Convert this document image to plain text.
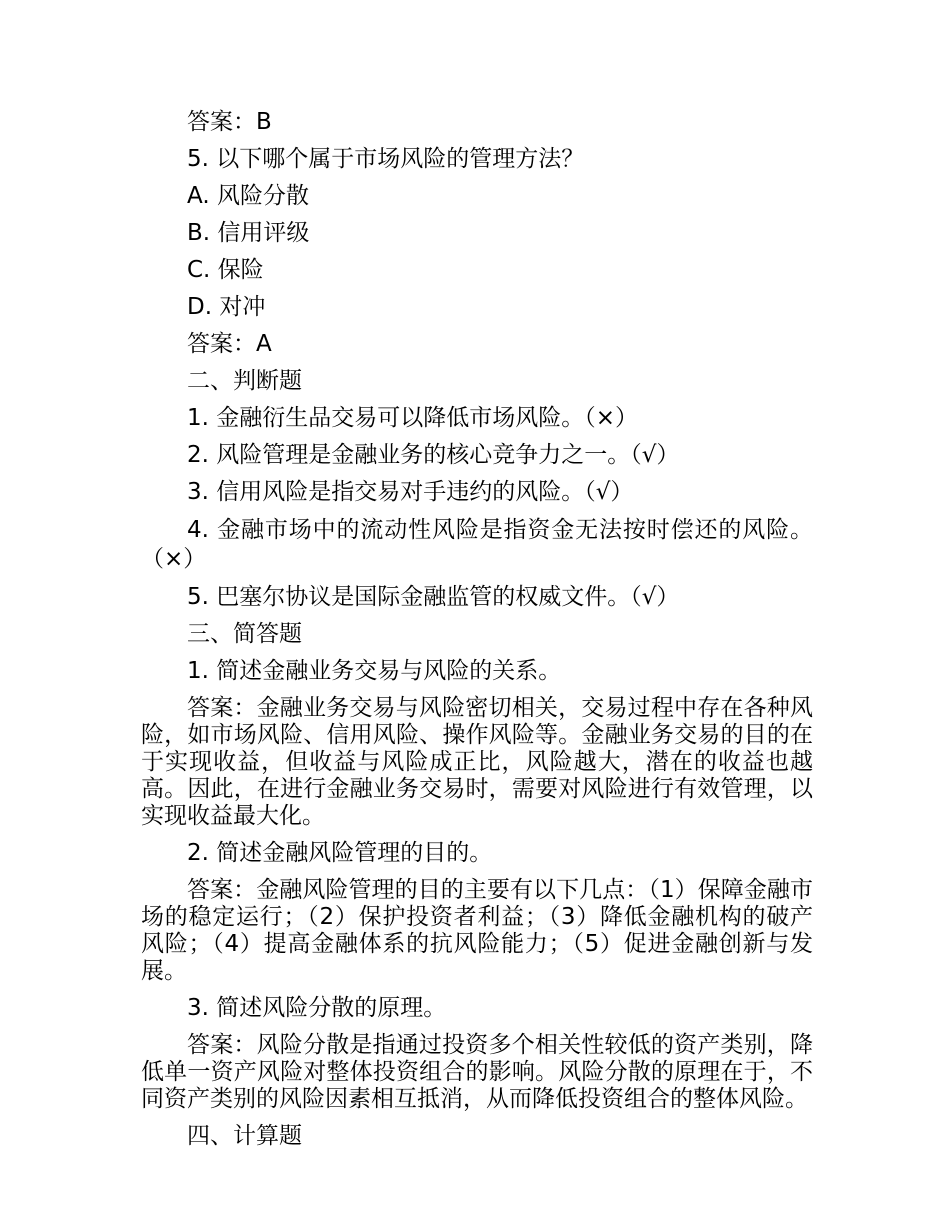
答案：B

5. 以下哪个属于市场风险的管理方法？

A. 风险分散

B. 信用评级

C. 保险

D. 对冲

答案：A

二、判断题

1. 金融衍生品交易可以降低市场风险。（×）

2. 风险管理是金融业务的核心竞争力之一。（√）

3. 信用风险是指交易对手违约的风险。（√）

4. 金融市场中的流动性风险是指资金无法按时偿还的风险。（×）

5. 巴塞尔协议是国际金融监管的权威文件。（√）

三、简答题

1. 简述金融业务交易与风险的关系。

答案：金融业务交易与风险密切相关，交易过程中存在各种风险，如市场风险、信用风险、操作风险等。金融业务交易的目的在于实现收益，但收益与风险成正比，风险越大，潜在的收益也越高。因此，在进行金融业务交易时，需要对风险进行有效管理，以实现收益最大化。

2. 简述金融风险管理的目的。

答案：金融风险管理的目的主要有以下几点：（1）保障金融市场的稳定运行；（2）保护投资者利益；（3）降低金融机构的破产风险；（4）提高金融体系的抗风险能力；（5）促进金融创新与发展。

3. 简述风险分散的原理。

答案：风险分散是指通过投资多个相关性较低的资产类别，降低单一资产风险对整体投资组合的影响。风险分散的原理在于，不同资产类别的风险因素相互抵消，从而降低投资组合的整体风险。

四、计算题
